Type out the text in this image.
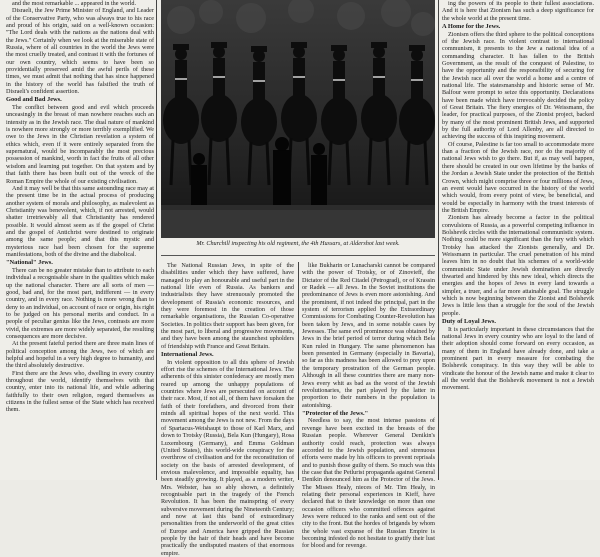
and the most remarkable ... appeared in the world.

Disraeli, the Jew Prime Minister of England, and Leader of the Conservative Party, who was always true to his race and proud of his origin, said on a well-known occasion: "The Lord deals with the nations as the nations deal with the Jews." Certainly when we look at the miserable state of Russia, where of all countries in the world the Jews were the most cruelly treated, and contrast it with the fortunes of our own country, which seems to have been so providentially preserved amid the awful perils of these times, we must admit that nothing that has since happened in the history of the world has falsified the truth of Disraeli's confident assertion.

Good and Bad Jews.

The conflict between good and evil which proceeds unceasingly in the breast of man nowhere reaches such an intensity as in the Jewish race. The dual nature of mankind is nowhere more strongly or more terribly exemplified. We owe to the Jews in the Christian revelation a system of ethics which, even if it were entirely separated from the supernatural, would be incomparably the most precious possession of mankind, worth in fact the fruits of all other wisdom and learning put together. On that system and by that faith there has been built out of the wreck of the Roman Empire the whole of our existing civilisation.

And it may well be that this same astounding race may at the present time be in the actual process of producing another system of morals and philosophy, as malevolent as Christianity was benevolent, which, if not arrested, would shatter irretrievably all that Christianity has rendered possible. It would almost seem as if the gospel of Christ and the gospel of Antichrist were destined to originate among the same people; and that this mystic and mysterious race had been chosen for the supreme manifestations, both of the divine and the diabolical.

"National" Jews.

There can be no greater mistake than to attribute to each individual a recognisable share in the qualities which make up the national character. There are all sorts of men — good, bad and, for the most part, indifferent — in every country, and in every race. Nothing is more wrong than to deny to an individual, on account of race or origin, his right to be judged on his personal merits and conduct. In a people of peculiar genius like the Jews, contrasts are more vivid, the extremes are more widely separated, the resulting consequences are more decisive.

At the present fateful period there are three main lines of political conception among the Jews, two of which are helpful and hopeful in a very high degree to humanity, and the third absolutely destructive.

First there are the Jews who, dwelling in every country throughout the world, identify themselves with that country, enter into its national life, and while adhering faithfully to their own religion, regard themselves as citizens in the fullest sense of the State which has received them.

Mr. Churchill inspecting his old regiment, the 4th Hussars, at Aldershot last week.

The National Russian Jews, in spite of the disabilities under which they have suffered, have managed to play an honourable and useful part in the national life even of Russia. As bankers and industrialists they have strenuously promoted the development of Russia's economic resources, and they were foremost in the creation of those remarkable organisations, the Russian Co-operative Societies. In politics their support has been given, for the most part, to liberal and progressive movements, and they have been among the staunchest upholders of friendship with France and Great Britain.

International Jews.

In violent opposition to all this sphere of Jewish effort rise the schemes of the International Jews. The adherents of this sinister confederacy are mostly men reared up among the unhappy populations of countries where Jews are persecuted on account of their race. Most, if not all, of them have forsaken the faith of their forefathers, and divorced from their minds all spiritual hopes of the next world. This movement among the Jews is not new. From the days of Spartacus-Weishaupt to those of Karl Marx, and down to Trotsky (Russia), Bela Kun (Hungary), Rosa Luxembourg (Germany), and Emma Goldman (United States), this world-wide conspiracy for the overthrow of civilisation and for the reconstitution of society on the basis of arrested development, of envious malevolence, and impossible equality, has been steadily growing. It played, as a modern writer, Mrs. Webster, has so ably shown, a definitely recognisable part in the tragedy of the French Revolution. It has been the mainspring of every subversive movement during the Nineteenth Century; and now at last this band of extraordinary personalities from the underworld of the great cities of Europe and America have gripped the Russian people by the hair of their heads and have become practically the undisputed masters of that enormous empire.

like Bukharin or Lunacharski cannot be compared with the power of Trotsky, or of Zinovieff, the Dictator of the Red Citadel (Petrograd), or of Krassin or Radek — all Jews. In the Soviet institutions the predominance of Jews is even more astonishing. And the prominent, if not indeed the principal, part in the system of terrorism applied by the Extraordinary Commissions for Combating Counter-Revolution has been taken by Jews, and in some notable cases by Jewesses. The same evil prominence was obtained by Jews in the brief period of terror during which Bela Kun ruled in Hungary. The same phenomenon has been presented in Germany (especially in Bavaria), so far as this madness has been allowed to prey upon the temporary prostration of the German people. Although in all these countries there are many non-Jews every whit as bad as the worst of the Jewish revolutionaries, the part played by the latter in proportion to their numbers in the population is astonishing.

"Protector of the Jews."

Needless to say, the most intense passions of revenge have been excited in the breasts of the Russian people. Wherever General Denikin's authority could reach, protection was always accorded to the Jewish population, and strenuous efforts were made by his officers to prevent reprisals and to punish those guilty of them. So much was this the case that the Petlurist propaganda against General Denikin denounced him as the Protector of the Jews. The Misses Healy, nieces of Mr. Tim Healy, in relating their personal experiences in Kieff, have declared that to their knowledge on more than one occasion officers who committed offences against Jews were reduced to the ranks and sent out of the city to the front. But the hordes of brigands by whom the whole vast expanse of the Russian Empire is becoming infested do not hesitate to gratify their lust for blood and for revenge.

ing the powers of its people to their fullest associations. And it is here that Zionism has such a deep significance for the whole world at the present time.

A Home for the Jews.

Zionism offers the third sphere to the political conceptions of the Jewish race. In violent contrast to international communism, it presents to the Jew a national idea of a commanding character. It has fallen to the British Government, as the result of the conquest of Palestine, to have the opportunity and the responsibility of securing for the Jewish race all over the world a home and a centre of national life. The statesmanship and historic sense of Mr. Balfour were prompt to seize this opportunity. Declarations have been made which have irrevocably decided the policy of Great Britain. The fiery energies of Dr. Weissmann, the leader, for practical purposes, of the Zionist project, backed by many of the most prominent British Jews, and supported by the full authority of Lord Allenby, are all directed to achieving the success of this inspiring movement.

Of course, Palestine is far too small to accommodate more than a fraction of the Jewish race, nor do the majority of national Jews wish to go there. But if, as may well happen, there should be created in our own lifetime by the banks of the Jordan a Jewish State under the protection of the British Crown, which might comprise three or four millions of Jews, an event would have occurred in the history of the world which would, from every point of view, be beneficial, and would be especially in harmony with the truest interests of the British Empire.

Zionism has already become a factor in the political convulsions of Russia, as a powerful competing influence in Bolshevik circles with the international communistic system. Nothing could be more significant than the fury with which Trotsky has attacked the Zionists generally, and Dr. Weissmann in particular. The cruel penetration of his mind leaves him in no doubt that his schemes of a world-wide communistic State under Jewish domination are directly thwarted and hindered by this new ideal, which directs the energies and the hopes of Jews in every land towards a simpler, a truer, and a far more attainable goal. The struggle which is now beginning between the Zionist and Bolshevik Jews is little less than a struggle for the soul of the Jewish people.

Duty of Loyal Jews.

It is particularly important in these circumstances that the national Jews in every country who are loyal to the land of their adoption should come forward on every occasion, as many of them in England have already done, and take a prominent part in every measure for combating the Bolshevik conspiracy. In this way they will be able to vindicate the honour of the Jewish name and make it clear to all the world that the Bolshevik movement is not a Jewish movement.
